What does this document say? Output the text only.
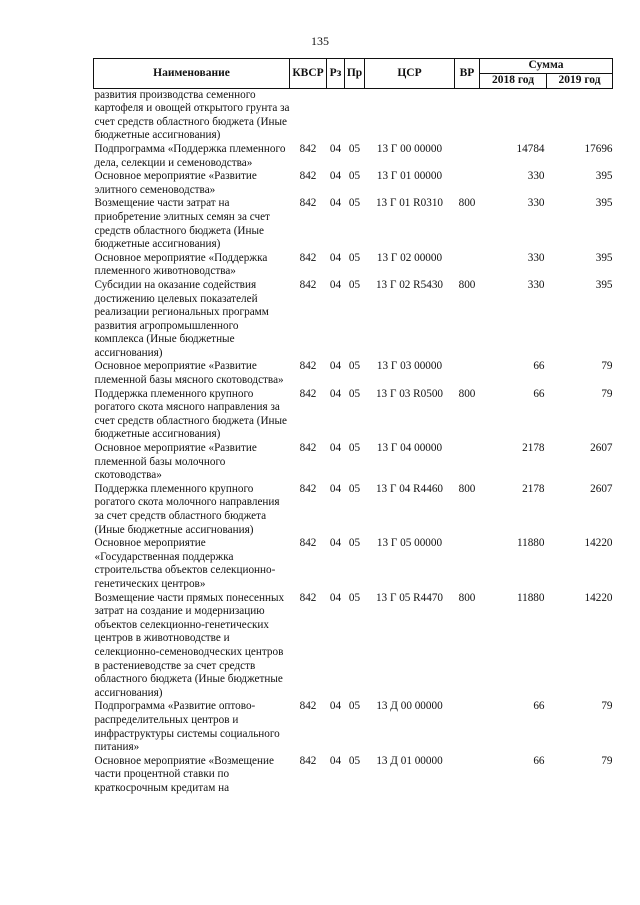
135
Наименование	КВСР	Рз	Пр	ЦСР	ВР	Сумма	
						2018 год	2019 год
развития производства семенного картофеля и овощей открытого грунта за счет средств областного бюджета (Иные бюджетные ассигнования)							
Подпрограмма «Поддержка племенного дела, селекции и семеноводства»	842	04	05	13 Г 00 00000		14784	17696
Основное мероприятие «Развитие элитного семеноводства»	842	04	05	13 Г 01 00000		330	395
Возмещение части затрат на приобретение элитных семян за счет средств областного бюджета (Иные бюджетные ассигнования)	842	04	05	13 Г 01 R0310	800	330	395
Основное мероприятие «Поддержка племенного животноводства»	842	04	05	13 Г 02 00000		330	395
Субсидии на оказание содействия достижению целевых показателей реализации региональных программ развития агропромышленного комплекса (Иные бюджетные ассигнования)	842	04	05	13 Г 02 R5430	800	330	395
Основное мероприятие «Развитие племенной базы мясного скотоводства»	842	04	05	13 Г 03 00000		66	79
Поддержка племенного крупного рогатого скота мясного направления за счет средств областного бюджета (Иные бюджетные ассигнования)	842	04	05	13 Г 03 R0500	800	66	79
Основное мероприятие «Развитие племенной базы молочного скотоводства»	842	04	05	13 Г 04 00000		2178	2607
Поддержка племенного крупного рогатого скота молочного направления за счет средств областного бюджета (Иные бюджетные ассигнования)	842	04	05	13 Г 04 R4460	800	2178	2607
Основное мероприятие «Государственная поддержка строительства объектов селекционно-генетических центров»	842	04	05	13 Г 05 00000		11880	14220
Возмещение части прямых понесенных затрат на создание и модернизацию объектов селекционно-генетических центров в животноводстве и селекционно-семеноводческих центров в растениеводстве за счет средств областного бюджета (Иные бюджетные ассигнования)	842	04	05	13 Г 05 R4470	800	11880	14220
Подпрограмма «Развитие оптово-распределительных центров и инфраструктуры системы социального питания»	842	04	05	13 Д 00 00000		66	79
Основное мероприятие «Возмещение части процентной ставки по краткосрочным кредитам на	842	04	05	13 Д 01 00000		66	79
